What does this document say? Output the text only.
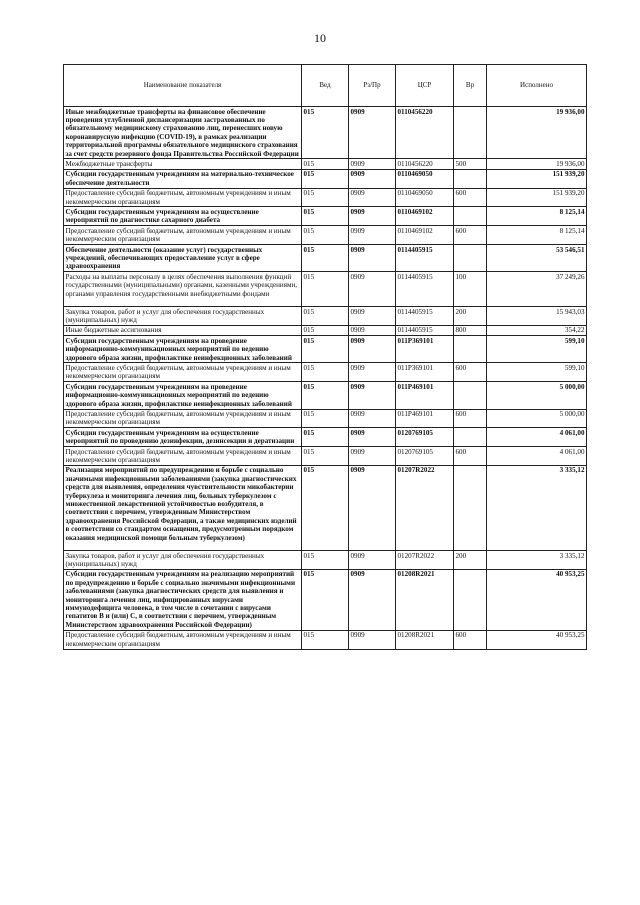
10
Наименование показателя	Вед	Рз/Пр	ЦСР	Вр	Исполнено
Иные межбюджетные трансферты на финансовое обеспечение проведения углубленной диспансеризации застрахованных по обязательному медицинскому страхованию лиц, перенесших новую коронавирусную инфекцию (COVID-19), в рамках реализации территориальной программы обязательного медицинского страхования за счет средств резервного фонда Правительства Российской Федерации	015	0909	0110456220		19 936,00
Межбюджетные трансферты	015	0909	0110456220	500	19 936,00
Субсидии государственным учреждениям на материально-техническое обеспечение деятельности	015	0909	0110469050		151 939,20
Предоставление субсидий бюджетным, автономным учреждениям и иным некоммерческим организациям	015	0909	0110469050	600	151 939,20
Субсидии государственным учреждениям на осуществление мероприятий по диагностике сахарного диабета	015	0909	0110469102		8 125,14
Предоставление субсидий бюджетным, автономным учреждениям и иным некоммерческим организациям	015	0909	0110469102	600	8 125,14
Обеспечение деятельности (оказание услуг) государственных учреждений, обеспечивающих предоставление услуг в сфере здравоохранения	015	0909	0114405915		53 546,51
Расходы на выплаты персоналу в целях обеспечения выполнения функций государственными (муниципальными) органами, казенными учреждениями, органами управления государственными внебюджетными фондами	015	0909	0114405915	100	37 249,26
Закупка товаров, работ и услуг для обеспечения государственных (муниципальных) нужд	015	0909	0114405915	200	15 943,03
Иные бюджетные ассигнования	015	0909	0114405915	800	354,22
Субсидии государственным учреждениям на проведение информационно-коммуникационных мероприятий по ведению здорового образа жизни, профилактике неинфекционных заболеваний	015	0909	011P369101		599,10
Предоставление субсидий бюджетным, автономным учреждениям и иным некоммерческим организациям	015	0909	011P369101	600	599,10
Субсидии государственным учреждениям на проведение информационно-коммуникационных мероприятий по ведению здорового образа жизни, профилактике неинфекционных заболеваний	015	0909	011P469101		5 000,00
Предоставление субсидий бюджетным, автономным учреждениям и иным некоммерческим организациям	015	0909	011P469101	600	5 000,00
Субсидии государственным учреждениям на осуществление мероприятий по проведению дезинфекции, дезинсекции и дератизации	015	0909	0120769105		4 061,00
Предоставление субсидий бюджетным, автономным учреждениям и иным некоммерческим организациям	015	0909	0120769105	600	4 061,00
Реализация мероприятий по предупреждению и борьбе с социально значимыми инфекционными заболеваниями (закупка диагностических средств для выявления, определения чувствительности микобактерии туберкулеза и мониторинга лечения лиц, больных туберкулезом с множественной лекарственной устойчивостью возбудителя, в соответствии с перечнем, утвержденным Министерством здравоохранения Российской Федерации, а также медицинских изделий в соответствии со стандартом оснащения, предусмотренным порядком оказания медицинской помощи больным туберкулезом)	015	0909	01207R2022		3 335,12
Закупка товаров, работ и услуг для обеспечения государственных (муниципальных) нужд	015	0909	01207R2022	200	3 335,12
Субсидии государственным учреждениям на реализацию мероприятий по предупреждению и борьбе с социально значимыми инфекционными заболеваниями (закупка диагностических средств для выявления и мониторинга лечения лиц, инфицированных вирусами иммунодефицита человека, в том числе в сочетании с вирусами гепатитов В и (или) С, в соответствии с перечнем, утвержденным Министерством здравоохранения Российской Федерации)	015	0909	01208R2021		40 953,25
Предоставление субсидий бюджетным, автономным учреждениям и иным некоммерческим организациям	015	0909	01208R2021	600	40 953,25
